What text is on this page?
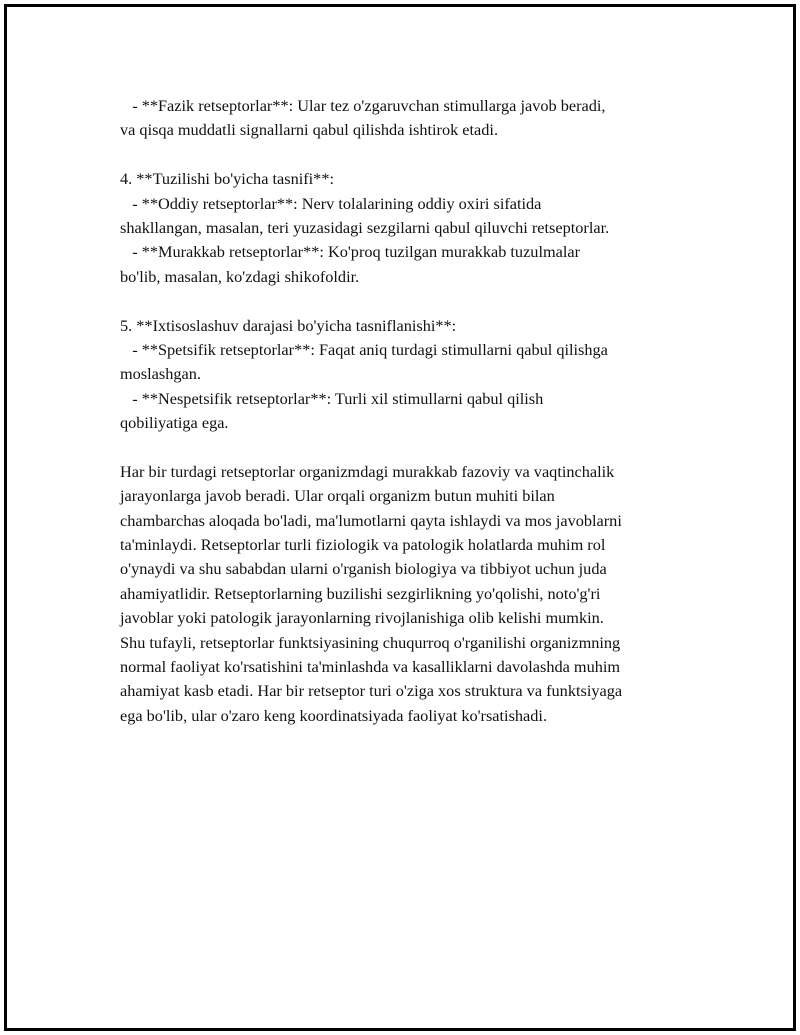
- **Fazik retseptorlar**: Ular tez o'zgaruvchan stimullarga javob beradi,
va qisqa muddatli signallarni qabul qilishda ishtirok etadi.
4. **Tuzilishi bo'yicha tasnifi**:
- **Oddiy retseptorlar**: Nerv tolalarining oddiy oxiri sifatida
shakllangan, masalan, teri yuzasidagi sezgilarni qabul qiluvchi retseptorlar.
- **Murakkab retseptorlar**: Ko'proq tuzilgan murakkab tuzulmalar
bo'lib, masalan, ko'zdagi shikofoldir.
5. **Ixtisoslashuv darajasi bo'yicha tasniflanishi**:
- **Spetsifik retseptorlar**: Faqat aniq turdagi stimullarni qabul qilishga
moslashgan.
- **Nespetsifik retseptorlar**: Turli xil stimullarni qabul qilish
qobiliyatiga ega.
Har bir turdagi retseptorlar organizmdagi murakkab fazoviy va vaqtinchalik
jarayonlarga javob beradi. Ular orqali organizm butun muhiti bilan
chambarchas aloqada bo'ladi, ma'lumotlarni qayta ishlaydi va mos javoblarni
ta'minlaydi. Retseptorlar turli fiziologik va patologik holatlarda muhim rol
o'ynaydi va shu sababdan ularni o'rganish biologiya va tibbiyot uchun juda
ahamiyatlidir. Retseptorlarning buzilishi sezgirlikning yo'qolishi, noto'g'ri
javoblar yoki patologik jarayonlarning rivojlanishiga olib kelishi mumkin.
Shu tufayli, retseptorlar funktsiyasining chuqurroq o'rganilishi organizmning
normal faoliyat ko'rsatishini ta'minlashda va kasalliklarni davolashda muhim
ahamiyat kasb etadi. Har bir retseptor turi o'ziga xos struktura va funktsiyaga
ega bo'lib, ular o'zaro keng koordinatsiyada faoliyat ko'rsatishadi.
